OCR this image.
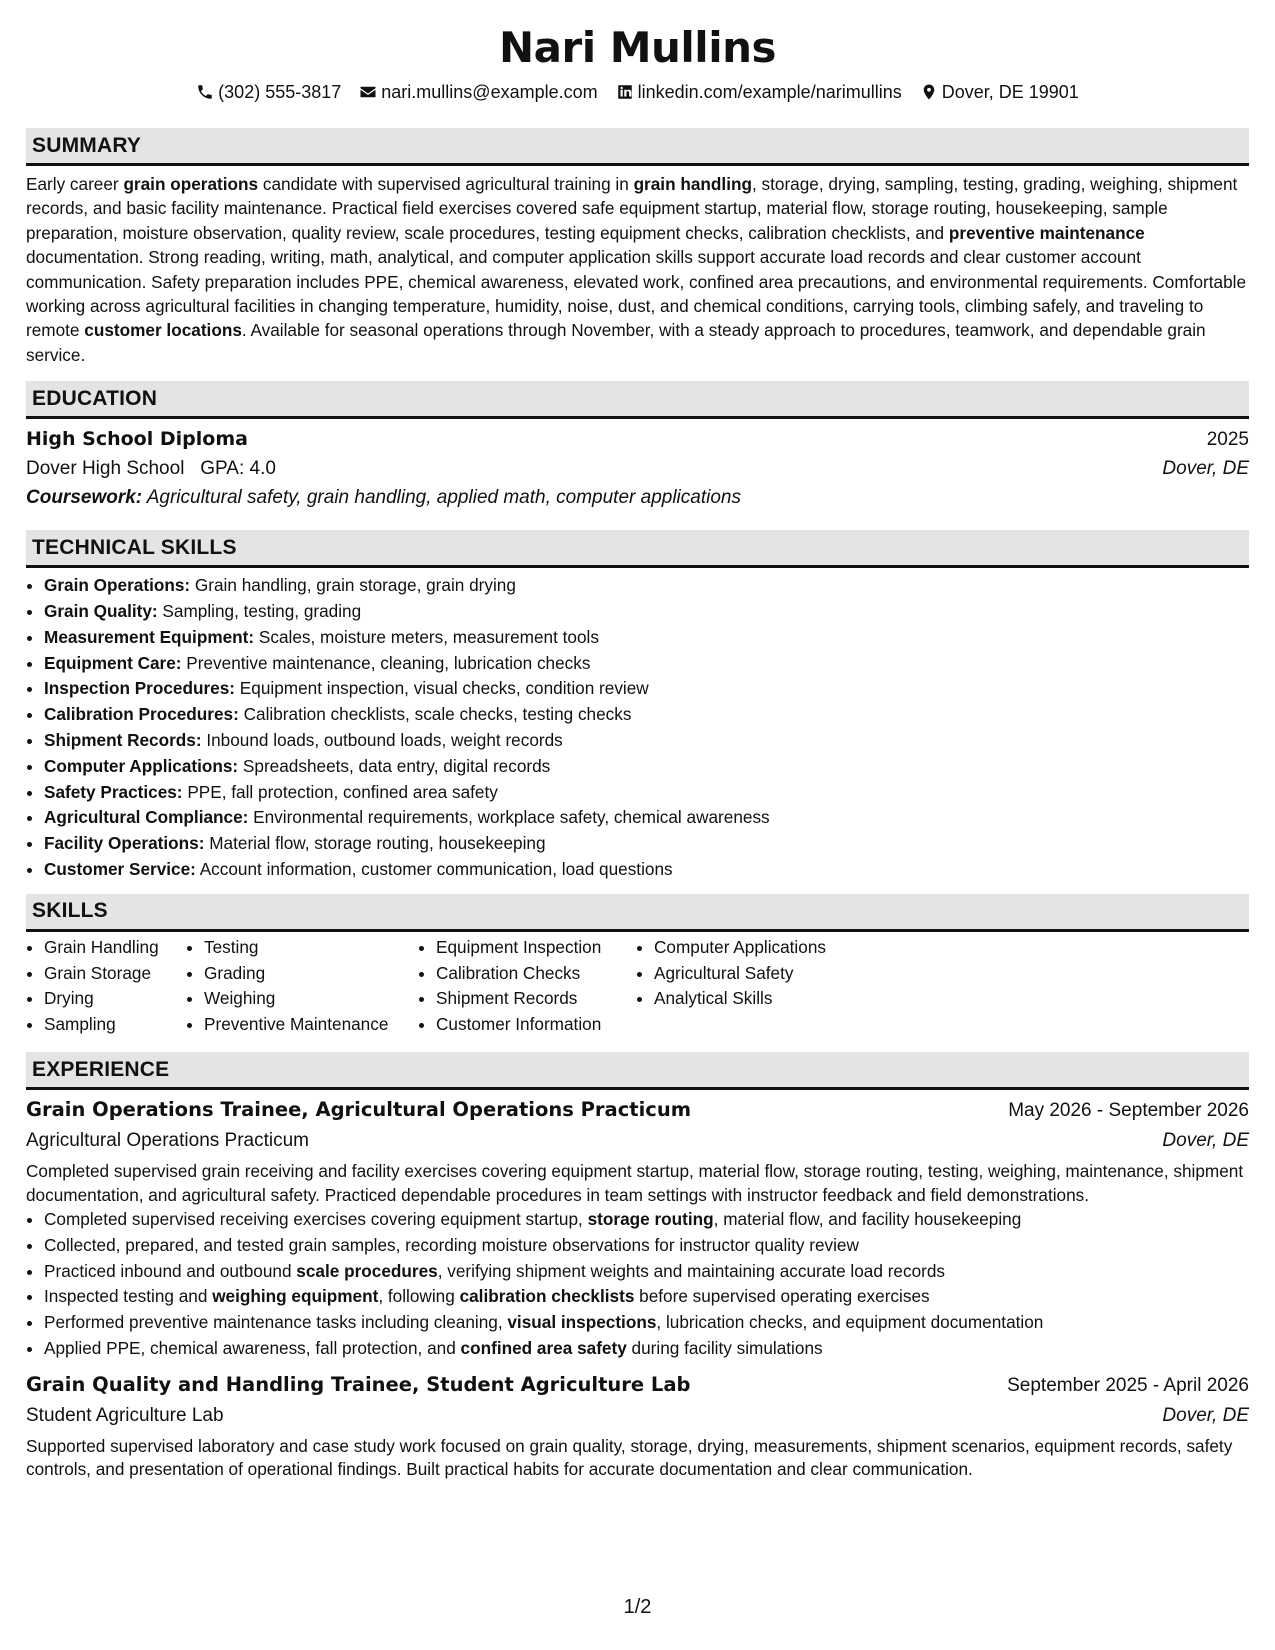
Nari Mullins
(302) 555-3817 nari.mullins@example.com linkedin.com/example/narimullins Dover, DE 19901
SUMMARY

Early career grain operations candidate with supervised agricultural training in grain handling, storage, drying, sampling, testing, grading, weighing, shipment records, and basic facility maintenance. Practical field exercises covered safe equipment startup, material flow, storage routing, housekeeping, sample preparation, moisture observation, quality review, scale procedures, testing equipment checks, calibration checklists, and preventive maintenance documentation. Strong reading, writing, math, analytical, and computer application skills support accurate load records and clear customer account communication. Safety preparation includes PPE, chemical awareness, elevated work, confined area precautions, and environmental requirements. Comfortable working across agricultural facilities in changing temperature, humidity, noise, dust, and chemical conditions, carrying tools, climbing safely, and traveling to remote customer locations. Available for seasonal operations through November, with a steady approach to procedures, teamwork, and dependable grain service.

EDUCATION
High School Diploma	2025
Dover High School GPA: 4.0	Dover, DE
Coursework: Agricultural safety, grain handling, applied math, computer applications
TECHNICAL SKILLS
• Grain Operations: Grain handling, grain storage, grain drying
• Grain Quality: Sampling, testing, grading
• Measurement Equipment: Scales, moisture meters, measurement tools
• Equipment Care: Preventive maintenance, cleaning, lubrication checks
• Inspection Procedures: Equipment inspection, visual checks, condition review
• Calibration Procedures: Calibration checklists, scale checks, testing checks
• Shipment Records: Inbound loads, outbound loads, weight records
• Computer Applications: Spreadsheets, data entry, digital records
• Safety Practices: PPE, fall protection, confined area safety
• Agricultural Compliance: Environmental requirements, workplace safety, chemical awareness
• Facility Operations: Material flow, storage routing, housekeeping
• Customer Service: Account information, customer communication, load questions
SKILLS
• Grain Handling
• Grain Storage
• Drying
• Sampling
• Testing
• Grading
• Weighing
• Preventive Maintenance
• Equipment Inspection
• Calibration Checks
• Shipment Records
• Customer Information
• Computer Applications
• Agricultural Safety
• Analytical Skills
EXPERIENCE
Grain Operations Trainee, Agricultural Operations Practicum	May 2026 - September 2026
Agricultural Operations Practicum	Dover, DE

Completed supervised grain receiving and facility exercises covering equipment startup, material flow, storage routing, testing, weighing, maintenance, shipment documentation, and agricultural safety. Practiced dependable procedures in team settings with instructor feedback and field demonstrations.

• Completed supervised receiving exercises covering equipment startup, storage routing, material flow, and facility housekeeping
• Collected, prepared, and tested grain samples, recording moisture observations for instructor quality review
• Practiced inbound and outbound scale procedures, verifying shipment weights and maintaining accurate load records
• Inspected testing and weighing equipment, following calibration checklists before supervised operating exercises
• Performed preventive maintenance tasks including cleaning, visual inspections, lubrication checks, and equipment documentation
• Applied PPE, chemical awareness, fall protection, and confined area safety during facility simulations
Grain Quality and Handling Trainee, Student Agriculture Lab	September 2025 - April 2026
Student Agriculture Lab	Dover, DE

Supported supervised laboratory and case study work focused on grain quality, storage, drying, measurements, shipment scenarios, equipment records, safety controls, and presentation of operational findings. Built practical habits for accurate documentation and clear communication.

1/2
